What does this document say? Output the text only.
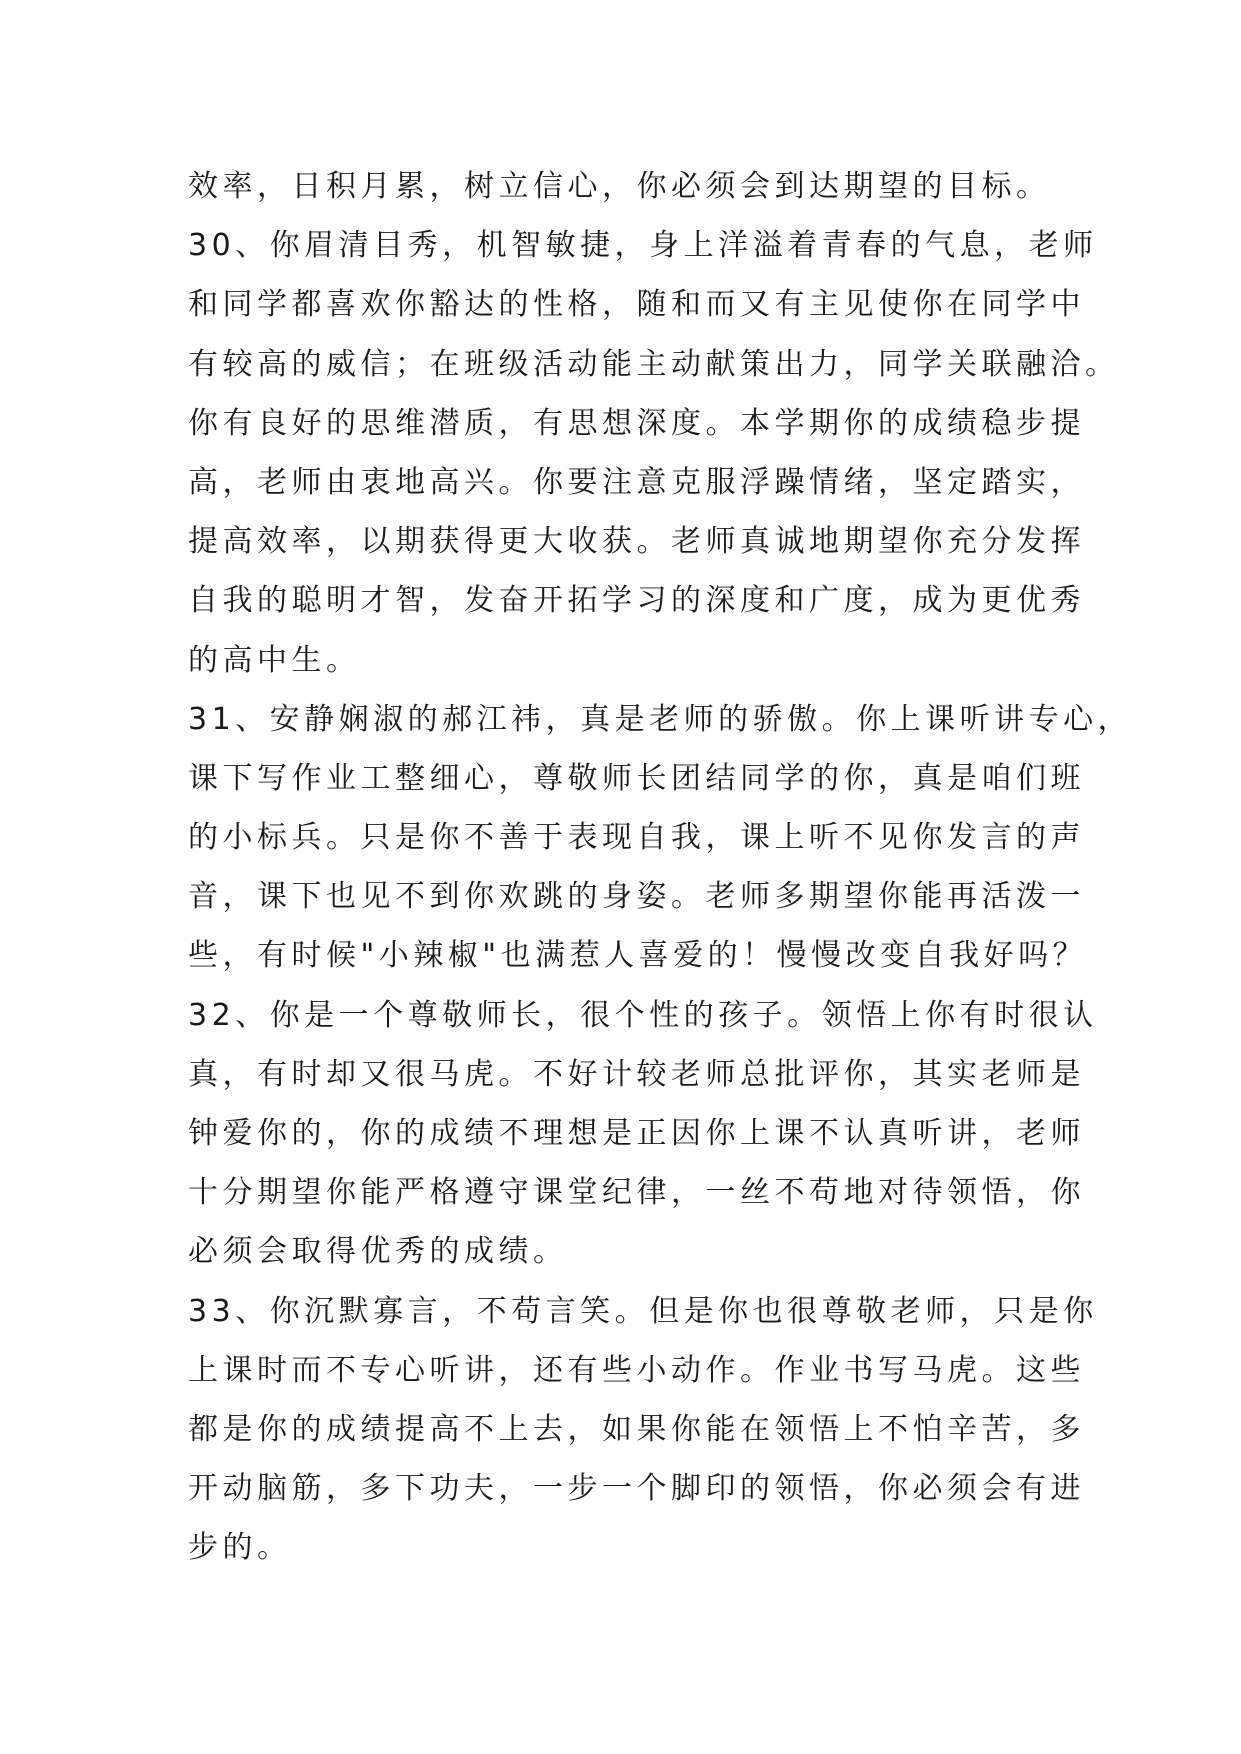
效率，日积月累，树立信心，你必须会到达期望的目标。
30、你眉清目秀，机智敏捷，身上洋溢着青春的气息，老师
和同学都喜欢你豁达的性格，随和而又有主见使你在同学中
有较高的威信；在班级活动能主动献策出力，同学关联融洽。
你有良好的思维潜质，有思想深度。本学期你的成绩稳步提
高，老师由衷地高兴。你要注意克服浮躁情绪，坚定踏实，
提高效率，以期获得更大收获。老师真诚地期望你充分发挥
自我的聪明才智，发奋开拓学习的深度和广度，成为更优秀
的高中生。
31、安静娴淑的郝江祎，真是老师的骄傲。你上课听讲专心，
课下写作业工整细心，尊敬师长团结同学的你，真是咱们班
的小标兵。只是你不善于表现自我，课上听不见你发言的声
音，课下也见不到你欢跳的身姿。老师多期望你能再活泼一
些，有时候"小辣椒"也满惹人喜爱的！慢慢改变自我好吗？
32、你是一个尊敬师长，很个性的孩子。领悟上你有时很认
真，有时却又很马虎。不好计较老师总批评你，其实老师是
钟爱你的，你的成绩不理想是正因你上课不认真听讲，老师
十分期望你能严格遵守课堂纪律，一丝不苟地对待领悟，你
必须会取得优秀的成绩。
33、你沉默寡言，不苟言笑。但是你也很尊敬老师，只是你
上课时而不专心听讲，还有些小动作。作业书写马虎。这些
都是你的成绩提高不上去，如果你能在领悟上不怕辛苦，多
开动脑筋，多下功夫，一步一个脚印的领悟，你必须会有进
步的。
